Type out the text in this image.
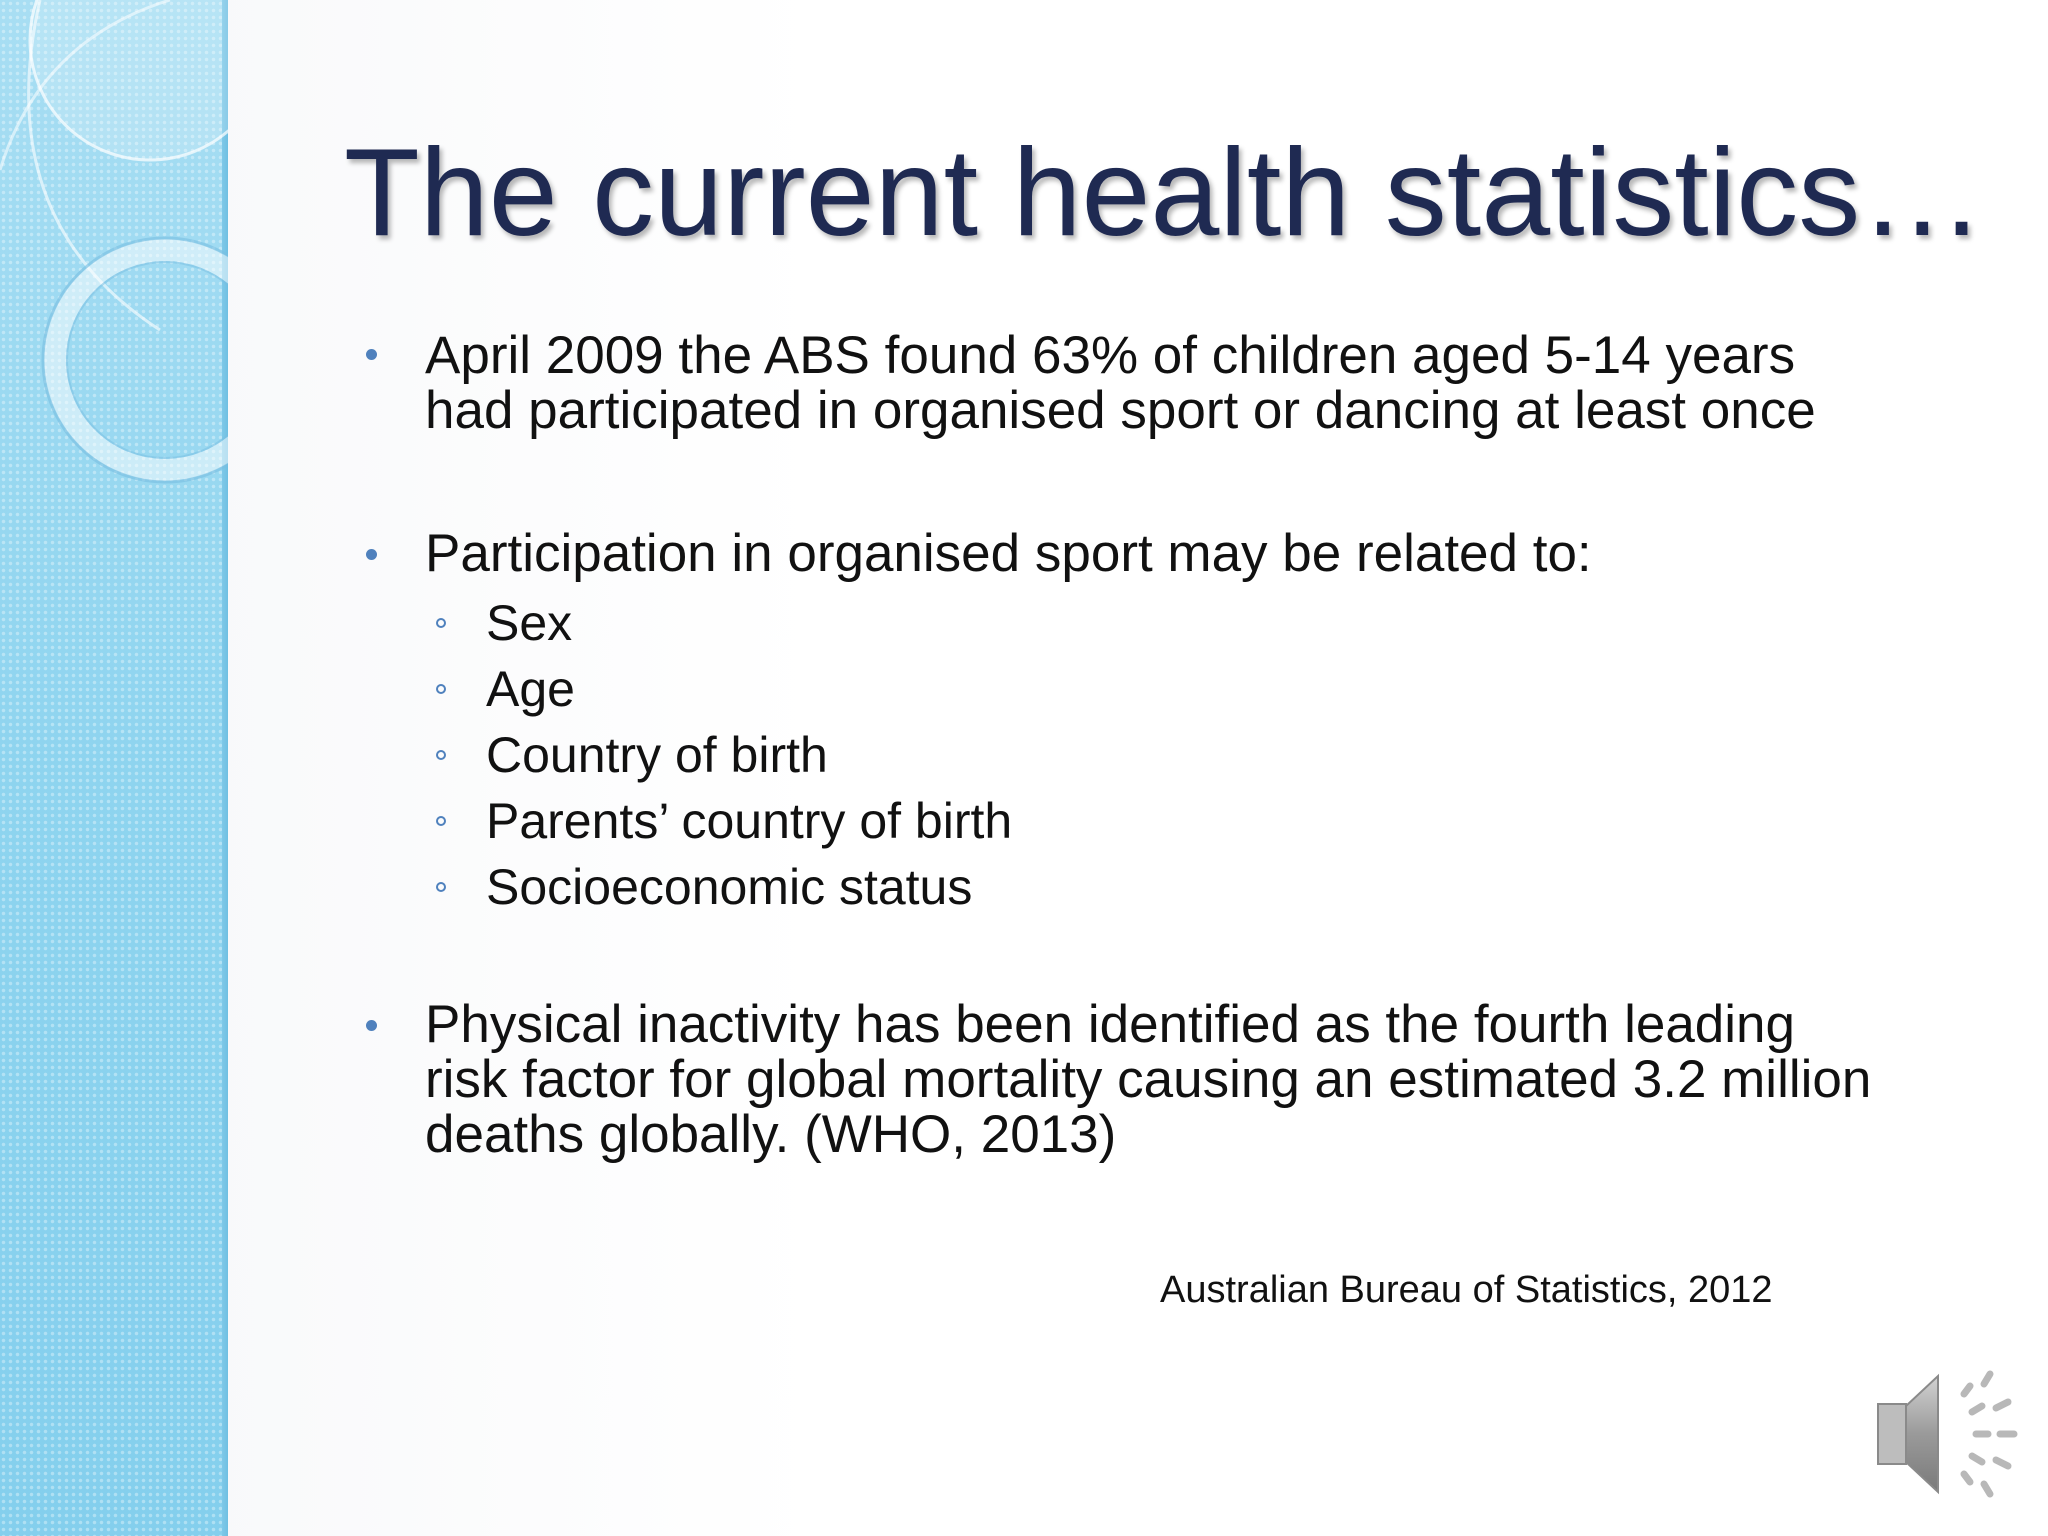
The current health statistics…

April 2009 the ABS found 63% of children aged 5-14 years
had participated in organised sport or dancing at least once

Participation in organised sport may be related to:

Sex

Age

Country of birth

Parents’ country of birth

Socioeconomic status

Physical inactivity has been identified as the fourth leading
risk factor for global mortality causing an estimated 3.2 million
deaths globally. (WHO, 2013)

Australian Bureau of Statistics, 2012
